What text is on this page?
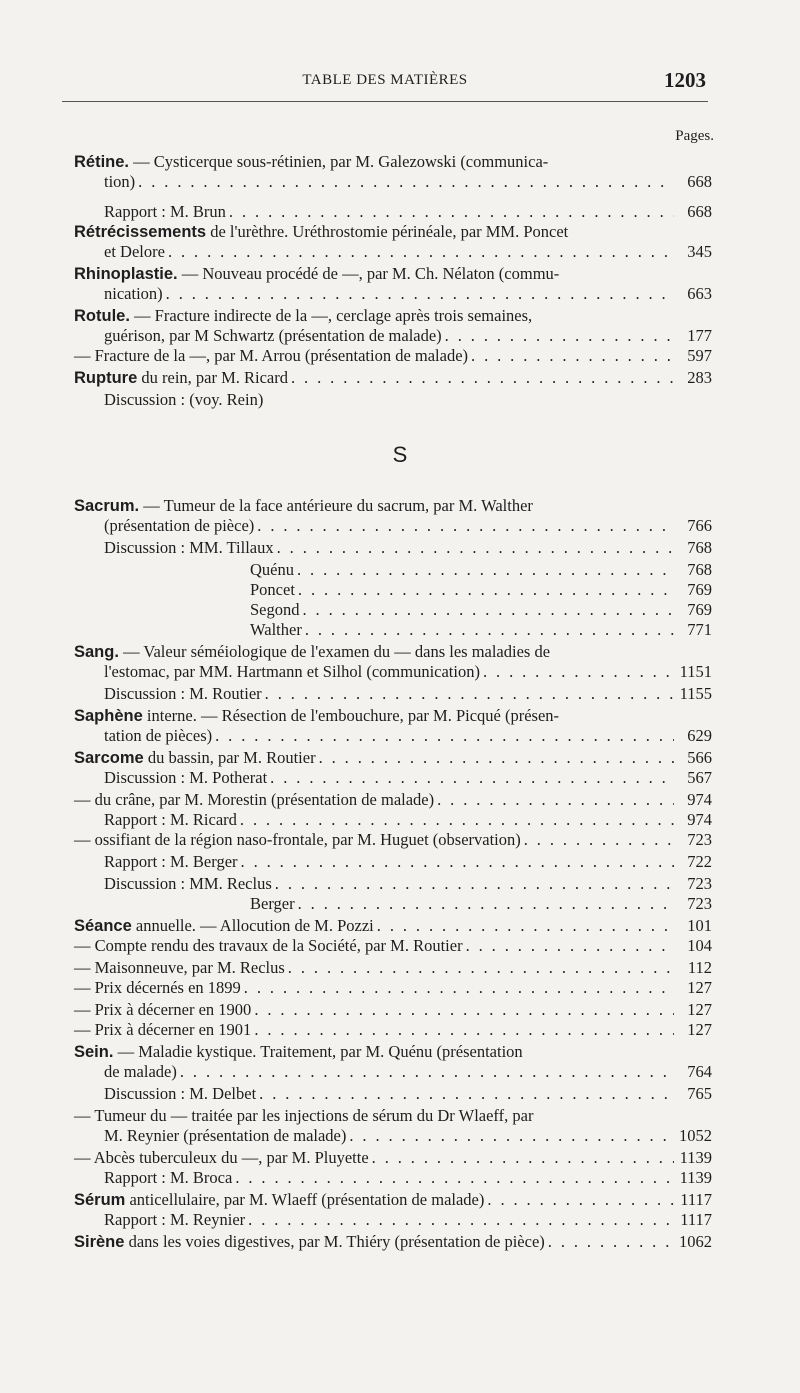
TABLE DES MATIÈRES	1203
Pages.
S
Rétine. — Cysticerque sous-rétinien, par M. Galezowski (communica-
tion) . . .	668
Rapport : M. Brun . . .	668
Rétrécissements de l'urèthre. Uréthrostomie périnéale, par MM. Poncet
et Delore . . .	345
Rhinoplastie. — Nouveau procédé de —, par M. Ch. Nélaton (commu-
nication) . . .	663
Rotule. — Fracture indirecte de la —, cerclage après trois semaines,
guérison, par M Schwartz (présentation de malade) . . .	177
— Fracture de la —, par M. Arrou (présentation de malade) . . .	597
Rupture du rein, par M. Ricard . . .	283
Discussion : (voy. Rein)
Sacrum. — Tumeur de la face antérieure du sacrum, par M. Walther
(présentation de pièce) . . .	766
Discussion : MM. Tillaux . . .	768
Quénu . . .	768
Poncet . . .	769
Segond . . .	769
Walther . . .	771
Sang. — Valeur séméiologique de l'examen du — dans les maladies de
l'estomac, par MM. Hartmann et Silhol (communication) . . .	1151
Discussion : M. Routier . . .	1155
Saphène interne. — Résection de l'embouchure, par M. Picqué (présen-
tation de pièces) . . .	629
Sarcome du bassin, par M. Routier . . .	566
Discussion : M. Potherat . . .	567
— du crâne, par M. Morestin (présentation de malade) . . .	974
Rapport : M. Ricard . . .	974
— ossifiant de la région naso-frontale, par M. Huguet (observation) . . .	723
Rapport : M. Berger . . .	722
Discussion : MM. Reclus . . .	723
Berger . . .	723
Séance annuelle. — Allocution de M. Pozzi . . .	101
— Compte rendu des travaux de la Société, par M. Routier . . .	104
— Maisonneuve, par M. Reclus . . .	112
— Prix décernés en 1899 . . .	127
— Prix à décerner en 1900 . . .	127
— Prix à décerner en 1901 . . .	127
Sein. — Maladie kystique. Traitement, par M. Quénu (présentation
de malade) . . .	764
Discussion : M. Delbet . . .	765
— Tumeur du — traitée par les injections de sérum du Dr Wlaeff, par
M. Reynier (présentation de malade) . . .	1052
— Abcès tuberculeux du —, par M. Pluyette . . .	1139
Rapport : M. Broca . . .	1139
Sérum anticellulaire, par M. Wlaeff (présentation de malade) . . .	1117
Rapport : M. Reynier . . .	1117
Sirène dans les voies digestives, par M. Thiéry (présentation de pièce) . . .	1062
